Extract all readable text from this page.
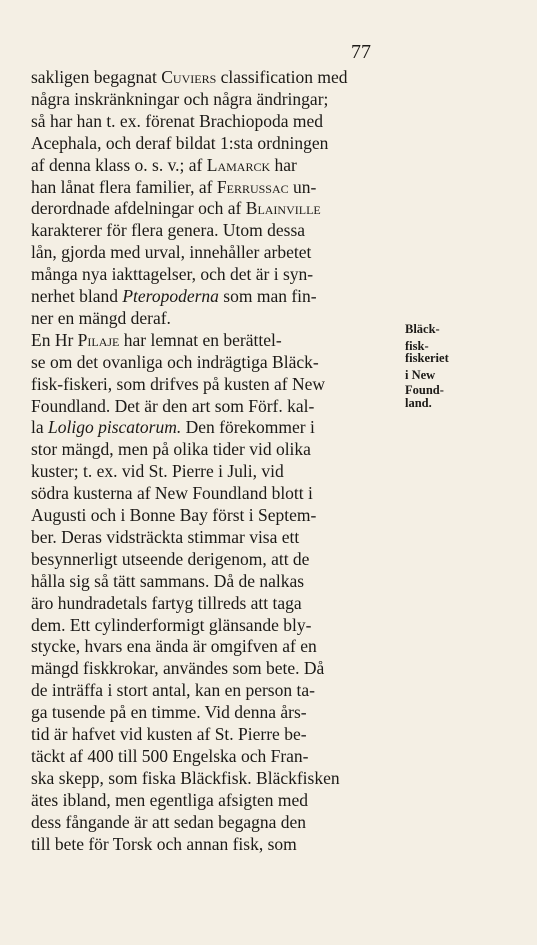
77
sakligen begagnat Cuviers classification med
några inskränkningar och några ändringar;
så har han t. ex. förenat Brachiopoda med
Acephala, och deraf bildat 1:sta ordningen
af denna klass o. s. v.; af Lamarck har
han lånat flera familier, af Ferrussac un-
derordnade afdelningar och af Blainville
karakterer för flera genera. Utom dessa
lån, gjorda med urval, innehåller arbetet
många nya iakttagelser, och det är i syn-
nerhet bland Pteropoderna som man fin-
ner en mängd deraf.
En Hr Pilaje har lemnat en berättel-
se om det ovanliga och indrägtiga Bläck-
fisk-fiskeri, som drifves på kusten af New
Foundland. Det är den art som Förf. kal-
la Loligo piscatorum. Den förekommer i
stor mängd, men på olika tider vid olika
kuster; t. ex. vid St. Pierre i Juli, vid
södra kusterna af New Foundland blott i
Augusti och i Bonne Bay först i Septem-
ber. Deras vidsträckta stimmar visa ett
besynnerligt utseende derigenom, att de
hålla sig så tätt sammans. Då de nalkas
äro hundradetals fartyg tillreds att taga
dem. Ett cylinderformigt glänsande bly-
stycke, hvars ena ända är omgifven af en
mängd fiskkrokar, användes som bete. Då
de inträffa i stort antal, kan en person ta-
ga tusende på en timme. Vid denna års-
tid är hafvet vid kusten af St. Pierre be-
täckt af 400 till 500 Engelska och Fran-
ska skepp, som fiska Bläckfisk. Bläckfisken
ätes ibland, men egentliga afsigten med
dess fångande är att sedan begagna den
till bete för Torsk och annan fisk, som
Bläck-
fisk-
fiskeriet
i New
Found-
land.
